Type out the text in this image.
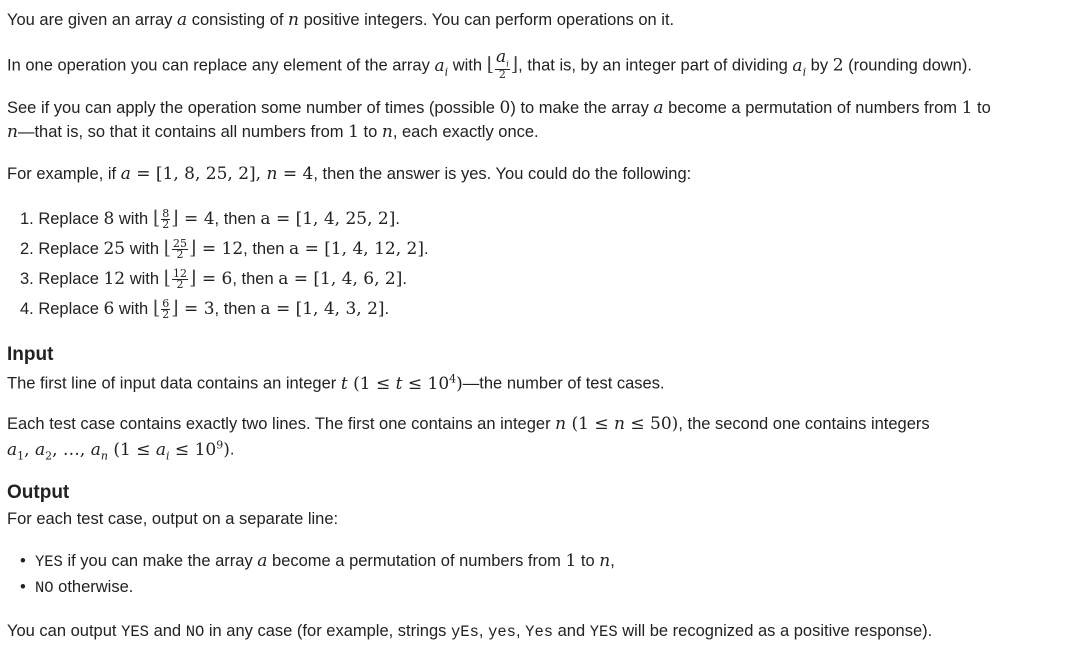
You are given an array a consisting of n positive integers. You can perform operations on it.
In one operation you can replace any element of the array $a_i$ with ⌊ $\frac{a_i}{2}$ ⌋, that is, by an integer part of dividing $a_i$ by 2 (rounding down).
See if you can apply the operation some number of times (possible 0) to make the array a become a permutation of numbers from 1 to
n—that is, so that it contains all numbers from 1 to n, each exactly once.
For example, if a = [1, 8, 25, 2], n = 4, then the answer is yes. You could do the following:
1. Replace 8 with ⌊ $\frac{8}{2}$ ⌋ = 4, then a = [1, 4, 25, 2].
2. Replace 25 with ⌊ $\frac{25}{2}$ ⌋ = 12, then a = [1, 4, 12, 2].
3. Replace 12 with ⌊ $\frac{12}{2}$ ⌋ = 6, then a = [1, 4, 6, 2].
4. Replace 6 with ⌊ $\frac{6}{2}$ ⌋ = 3, then a = [1, 4, 3, 2].
Input
The first line of input data contains an integer t $(1 \le t \le 10^4)—the$ number of test cases.
Each test case contains exactly two lines. The first one contains an integer n (1 ≤ n ≤ 50), the second one contains integers
$a_1$, $a_2$, …, $a_n$ $(1 \le a_i \le 10^9)$.
Output
For each test case, output on a separate line:
•  YES if you can make the array a become a permutation of numbers from 1 to n,
•  NO otherwise.
You can output YES and NO in any case (for example, strings yEs, yes, Yes and YES will be recognized as a positive response).
